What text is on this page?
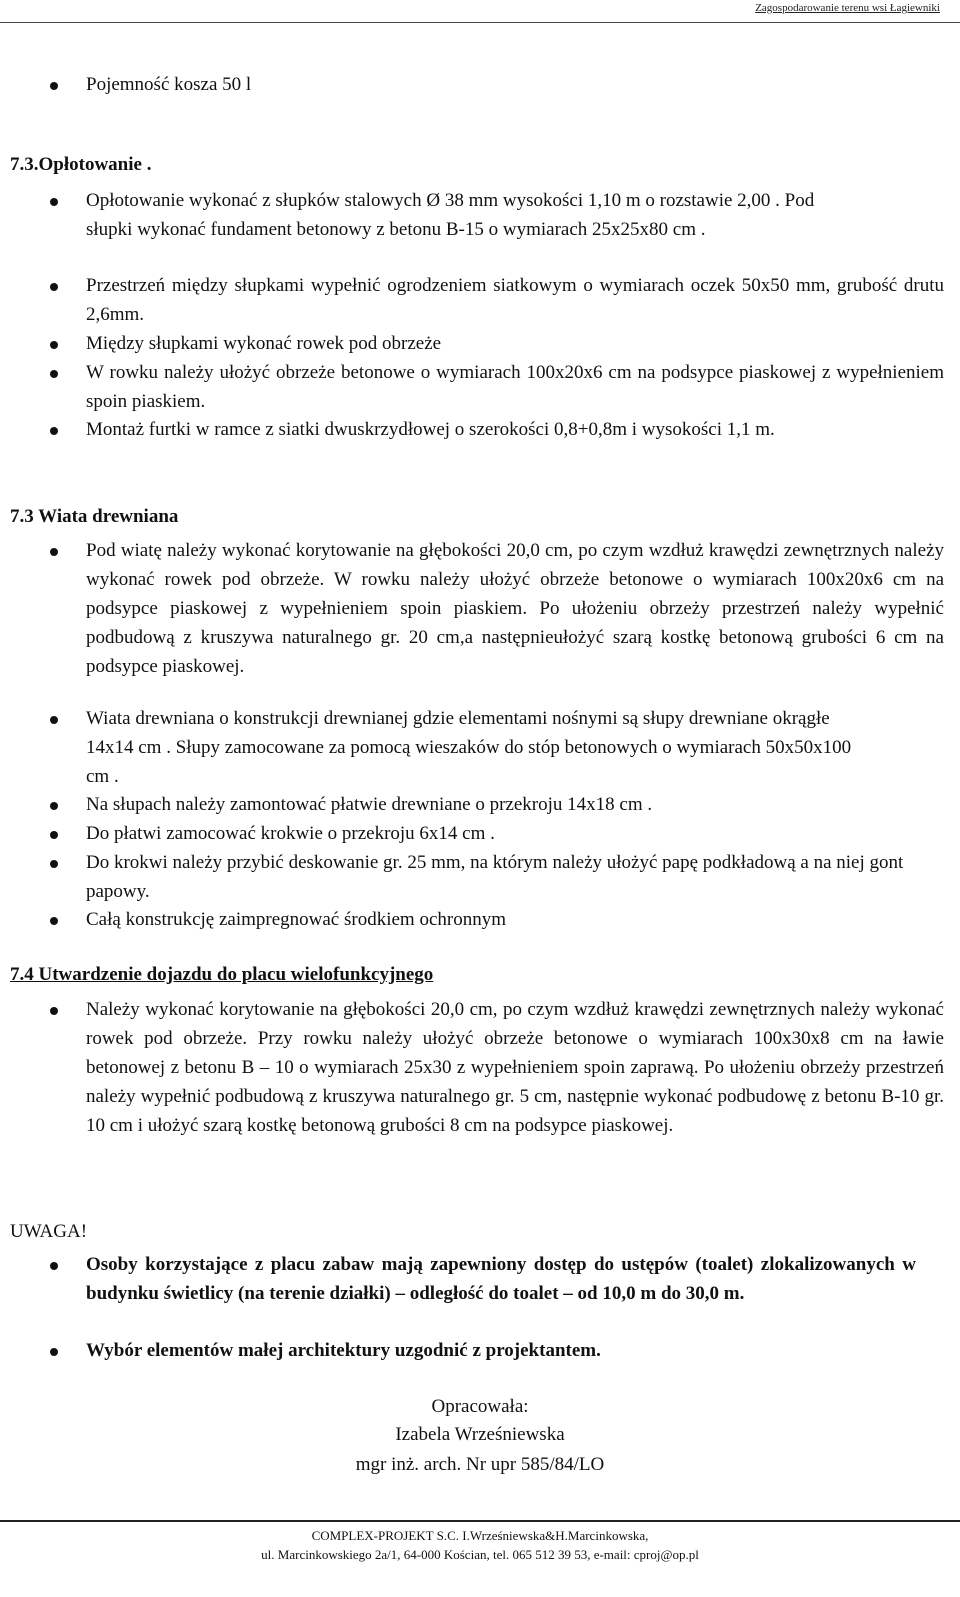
Zagospodarowanie terenu wsi Łagiewniki
Pojemność kosza 50 l
7.3.Opłotowanie .
Opłotowanie wykonać z słupków stalowych Ø 38 mm wysokości 1,10 m o rozstawie 2,00 . Pod słupki wykonać fundament betonowy z betonu B-15 o wymiarach 25x25x80 cm .
Przestrzeń między słupkami wypełnić ogrodzeniem siatkowym o wymiarach oczek 50x50 mm, grubość drutu 2,6mm.
Między słupkami wykonać rowek pod obrzeże
W rowku należy ułożyć obrzeże betonowe o wymiarach 100x20x6 cm na podsypce piaskowej z wypełnieniem spoin piaskiem.
Montaż furtki w ramce z siatki dwuskrzydłowej o szerokości 0,8+0,8m i wysokości 1,1 m.
7.3 Wiata drewniana
Pod wiatę należy wykonać korytowanie na głębokości 20,0 cm, po czym wzdłuż krawędzi zewnętrznych należy wykonać rowek pod obrzeże. W rowku należy ułożyć obrzeże betonowe o wymiarach 100x20x6 cm na podsypce piaskowej z wypełnieniem spoin piaskiem. Po ułożeniu obrzeży przestrzeń należy wypełnić podbudową z kruszywa naturalnego gr. 20 cm,a następnieułożyć szarą kostkę betonową grubości 6 cm na podsypce piaskowej.
Wiata drewniana o konstrukcji drewnianej gdzie elementami nośnymi są słupy drewniane okrągłe 14x14 cm . Słupy zamocowane za pomocą wieszaków do stóp betonowych o wymiarach 50x50x100 cm .
Na słupach należy zamontować płatwie drewniane o przekroju 14x18 cm .
Do płatwi zamocować krokwie o przekroju 6x14 cm .
Do krokwi należy przybić deskowanie gr. 25 mm, na którym należy ułożyć papę podkładową a na niej gont papowy.
Całą konstrukcję zaimpregnować środkiem ochronnym
7.4 Utwardzenie dojazdu do placu wielofunkcyjnego
Należy wykonać korytowanie na głębokości 20,0 cm, po czym wzdłuż krawędzi zewnętrznych należy wykonać rowek pod obrzeże. Przy rowku należy ułożyć obrzeże betonowe o wymiarach 100x30x8 cm na ławie betonowej z betonu B – 10 o wymiarach 25x30 z wypełnieniem spoin zaprawą. Po ułożeniu obrzeży przestrzeń należy wypełnić podbudową z kruszywa naturalnego gr. 5 cm, następnie wykonać podbudowę z betonu B-10 gr. 10 cm i ułożyć szarą kostkę betonową grubości 8 cm na podsypce piaskowej.
UWAGA!
Osoby korzystające z placu zabaw mają zapewniony dostęp do ustępów (toalet) zlokalizowanych w budynku świetlicy (na terenie działki) – odległość do toalet – od 10,0 m do 30,0 m.
Wybór elementów małej architektury uzgodnić z projektantem.
Opracowała:
Izabela Wrześniewska
mgr inż. arch. Nr upr 585/84/LO
COMPLEX-PROJEKT S.C. I.Wrześniewska&H.Marcinkowska,
ul. Marcinkowskiego 2a/1, 64-000 Kościan, tel. 065 512 39 53, e-mail: cproj@op.pl
